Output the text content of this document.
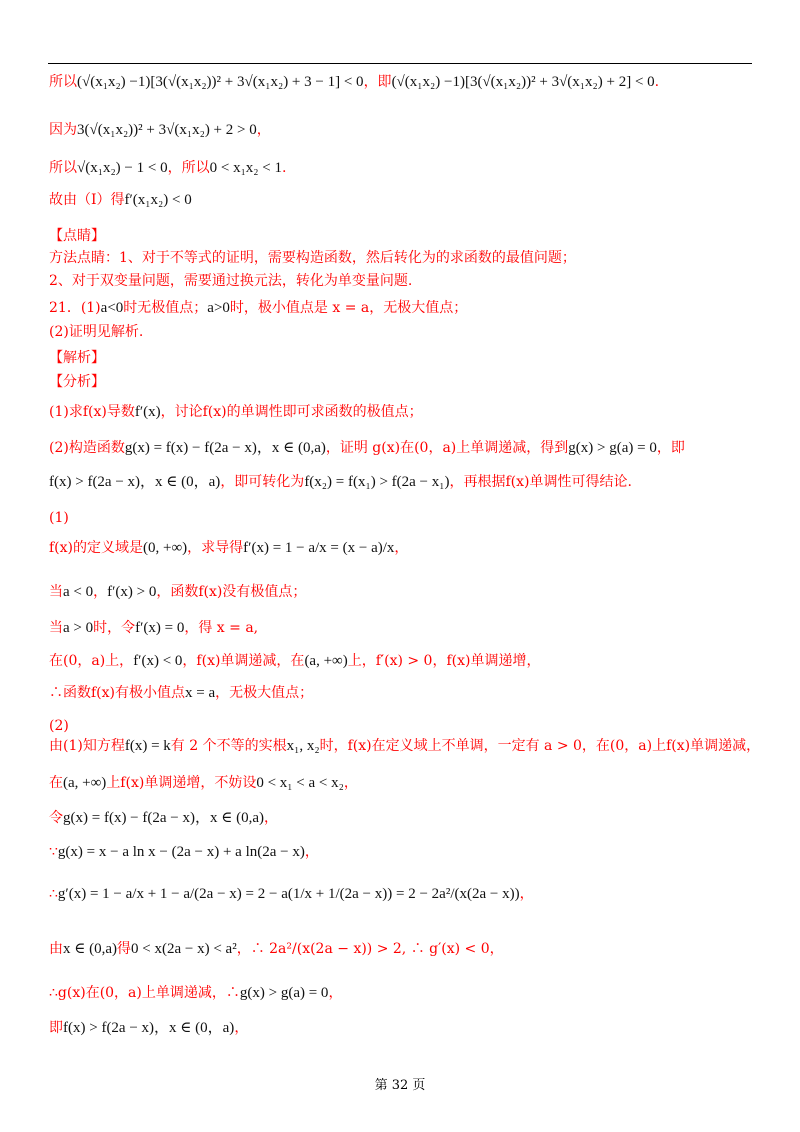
所以(√(x₁x₂) −1)[3(√(x₁x₂))² + 3√(x₁x₂) + 3 − 1] < 0，即(√(x₁x₂) −1)[3(√(x₁x₂))² + 3√(x₁x₂) + 2] < 0.
因为3(√(x₁x₂))² + 3√(x₁x₂) + 2 > 0，
所以√(x₁x₂) − 1 < 0，所以0 < x₁x₂ < 1.
故由（Ⅰ）得f′(x₁x₂) < 0
【点睛】
方法点睛：1、对于不等式的证明，需要构造函数，然后转化为的求函数的最值问题；
2、对于双变量问题，需要通过换元法，转化为单变量问题.
21．(1)a<0时无极值点；a>0时，极小值点是 x = a，无极大值点；
(2)证明见解析.
【解析】
【分析】
(1)求f(x)导数f′(x)，讨论f(x)的单调性即可求函数的极值点；
(2)构造函数g(x) = f(x) − f(2a − x)，x ∈ (0,a)，证明 g(x)在(0，a)上单调递减，得到g(x) > g(a) = 0，即
f(x) > f(2a − x)，x ∈ (0，a)，即可转化为f(x₂) = f(x₁) > f(2a − x₁)，再根据f(x)单调性可得结论.
(1)
f(x)的定义域是(0, +∞)，求导得f′(x) = 1 − a/x = (x − a)/x，
当a < 0，f′(x) > 0，函数f(x)没有极值点；
当a > 0时，令f′(x) = 0，得 x = a,
在(0，a)上，f′(x) < 0，f(x)单调递减，在(a, +∞)上，f′(x) > 0，f(x)单调递增，
∴函数f(x)有极小值点x = a，无极大值点；
(2)
由(1)知方程f(x) = k有 2 个不等的实根x₁, x₂时，f(x)在定义域上不单调，一定有 a > 0，在(0，a)上f(x)单调递减，
在(a, +∞)上f(x)单调递增，不妨设0 < x₁ < a < x₂，
令g(x) = f(x) − f(2a − x)，x ∈ (0,a)，
∵g(x) = x − a ln x − (2a − x) + a ln(2a − x)，
∴g′(x) = 1 − a/x + 1 − a/(2a − x) = 2 − a(1/x + 1/(2a − x)) = 2 − 2a²/(x(2a − x))，
由x ∈ (0,a)得0 < x(2a − x) < a²，∴ 2a²/(x(2a − x)) > 2, ∴ g′(x) < 0，
∴g(x)在(0，a)上单调递减，∴g(x) > g(a) = 0，
即f(x) > f(2a − x)，x ∈ (0，a)，
第 32 页
